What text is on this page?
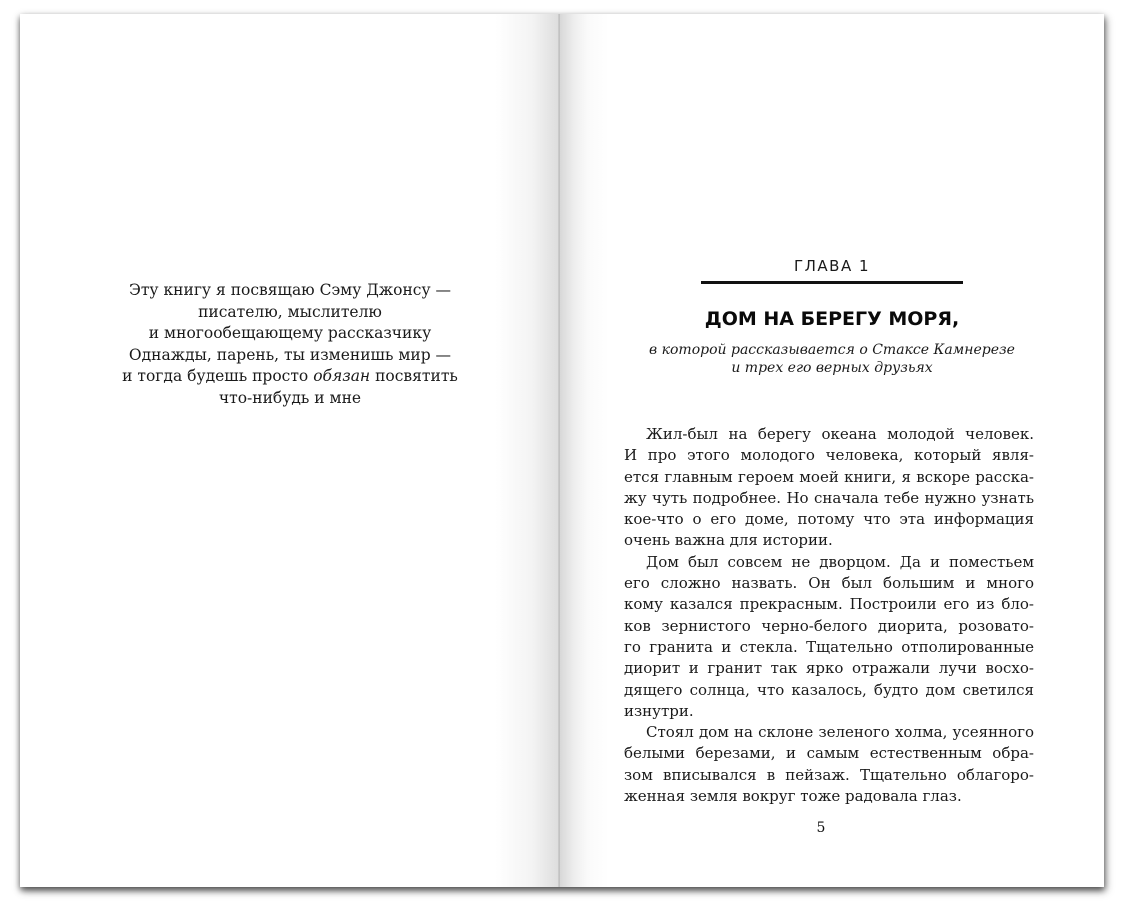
Эту книгу я посвящаю Сэму Джонсу —
писателю, мыслителю
и многообещающему рассказчику
Однажды, парень, ты изменишь мир —
и тогда будешь просто обязан посвятить
что-нибудь и мне
ГЛАВА 1
ДОМ НА БЕРЕГУ МОРЯ,
в которой рассказывается о Стаксе Камнерезе
и трех его верных друзьях
Жил-был на берегу океана молодой человек.
И про этого молодого человека, который явля-
ется главным героем моей книги, я вскоре расска-
жу чуть подробнее. Но сначала тебе нужно узнать
кое-что о его доме, потому что эта информация
очень важна для истории.
Дом был совсем не дворцом. Да и поместьем
его сложно назвать. Он был большим и много
кому казался прекрасным. Построили его из бло-
ков зернистого черно-белого диорита, розовато-
го гранита и стекла. Тщательно отполированные
диорит и гранит так ярко отражали лучи восхо-
дящего солнца, что казалось, будто дом светился
изнутри.
Стоял дом на склоне зеленого холма, усеянного
белыми березами, и самым естественным обра-
зом вписывался в пейзаж. Тщательно облагоро-
женная земля вокруг тоже радовала глаз.
5
